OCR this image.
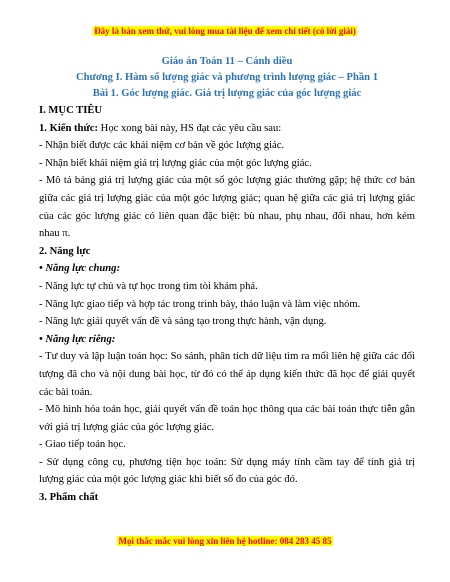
Đây là bản xem thử, vui lòng mua tài liệu để xem chi tiết (có lời giải)
Giáo án Toán 11 – Cánh diều
Chương I. Hàm số lượng giác và phương trình lượng giác – Phần 1
Bài 1. Góc lượng giác. Giá trị lượng giác của góc lượng giác

I. MỤC TIÊU

1. Kiến thức: Học xong bài này, HS đạt các yêu cầu sau:

- Nhận biết được các khái niệm cơ bản về góc lượng giác.

- Nhận biết khái niệm giá trị lượng giác của một góc lượng giác.

- Mô tả bảng giá trị lượng giác của một số góc lượng giác thường gặp; hệ thức cơ bản giữa các giá trị lượng giác của một góc lượng giác; quan hệ giữa các giá trị lượng giác của các góc lượng giác có liên quan đặc biệt: bù nhau, phụ nhau, đối nhau, hơn kém nhau π.

2. Năng lực

• Năng lực chung:

- Năng lực tự chủ và tự học trong tìm tòi khám phá.

- Năng lực giao tiếp và hợp tác trong trình bày, thảo luận và làm việc nhóm.

- Năng lực giải quyết vấn đề và sáng tạo trong thực hành, vận dụng.

• Năng lực riêng:

- Tư duy và lập luận toán học: So sánh, phân tích dữ liệu tìm ra mối liên hệ giữa các đối tượng đã cho và nội dung bài học, từ đó có thể áp dụng kiến thức đã học để giải quyết các bài toán.

- Mô hình hóa toán học, giải quyết vấn đề toán học thông qua các bài toán thực tiễn gắn với giá trị lượng giác của góc lượng giác.

- Giao tiếp toán học.

- Sử dụng công cụ, phương tiện học toán: Sử dụng máy tính cầm tay để tính giá trị lượng giác của một góc lượng giác khi biết số đo của góc đó.

3. Phẩm chất

Mọi thắc mắc vui lòng xin liên hệ hotline: 084 283 45 85
